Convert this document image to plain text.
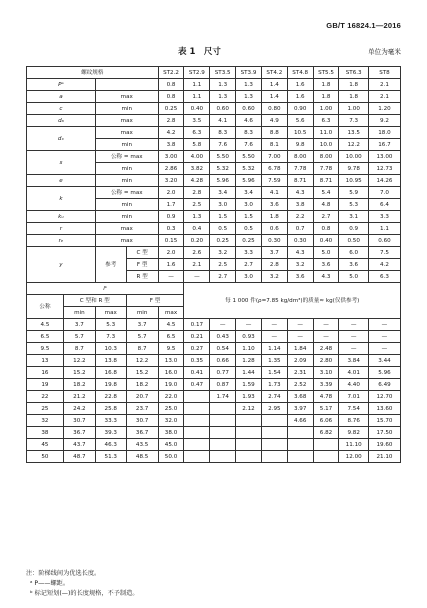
GB/T 16824.1—2016
表 1　尺寸	单位为毫米
螺纹规格				ST2.2	ST2.9	ST3.5	ST3.9	ST4.2	ST4.8	ST5.5	ST6.3	ST8
Pᵃ				0.8	1.1	1.3	1.3	1.4	1.6	1.8	1.8	2.1
a		max		0.8	1.1	1.3	1.3	1.4	1.6	1.8	1.8	2.1
c		min		0.25	0.40	0.60	0.60	0.80	0.90	1.00	1.00	1.20
dₐ		max		2.8	3.5	4.1	4.6	4.9	5.6	6.3	7.3	9.2
dₓ		max		4.2	6.3	8.3	8.3	8.8	10.5	11.0	13.5	18.0
		min		3.8	5.8	7.6	7.6	8.1	9.8	10.0	12.2	16.7
s		公称 = max		3.00	4.00	5.50	5.50	7.00	8.00	8.00	10.00	13.00
		min		2.86	3.82	5.32	5.32	6.78	7.78	7.78	9.78	12.73
e		min		3.20	4.28	5.96	5.96	7.59	8.71	8.71	10.95	14.26
k		公称 = max		2.0	2.8	3.4	3.4	4.1	4.3	5.4	5.9	7.0
		min		1.7	2.5	3.0	3.0	3.6	3.8	4.8	5.3	6.4
kᵤ		min		0.9	1.3	1.5	1.5	1.8	2.2	2.7	3.1	3.3
r		max		0.3	0.4	0.5	0.5	0.6	0.7	0.8	0.9	1.1
rₑ		max		0.15	0.20	0.25	0.25	0.30	0.30	0.40	0.50	0.60
y		参考	C 型	2.0	2.6	3.2	3.3	3.7	4.3	5.0	6.0	7.5
			F 型	1.6	2.1	2.5	2.7	2.8	3.2	3.6	3.6	4.2
			R 型	—	—	2.7	3.0	3.2	3.6	4.3	5.0	6.3
lᵇ					每 1 000 件(ρ=7.85 kg/dm³)的质量≈ kg(仅供参考)							
公称	C 型和 R 型		F 型									
	min	max	min	max								
4.5	3.7	5.3	3.7	4.5	0.17	—	—	—	—	—	—	—
6.5	5.7	7.3	5.7	6.5	0.21	0.43	0.93	—	—	—	—	—
9.5	8.7	10.3	8.7	9.5	0.27	0.54	1.10	1.14	1.84	2.48	—	—
13	12.2	13.8	12.2	13.0	0.35	0.66	1.28	1.35	2.09	2.80	3.84	3.44
16	15.2	16.8	15.2	16.0	0.41	0.77	1.44	1.54	2.31	3.10	4.01	5.96
19	18.2	19.8	18.2	19.0	0.47	0.87	1.59	1.73	2.52	3.39	4.40	6.49
22	21.2	22.8	20.7	22.0		1.74	1.93	2.74	3.68	4.78	7.01	12.70
25	24.2	25.8	23.7	25.0			2.12	2.95	3.97	5.17	7.54	13.60
32	30.7	33.3	30.7	32.0					4.66	6.06	8.76	15.70
38	36.7	39.3	36.7	38.0						6.82	9.82	17.50
45	43.7	46.3	43.5	45.0							11.10	19.60
50	48.7	51.3	48.5	50.0							12.00	21.10
注：阶梯线间为优选长度。
ᵃ P——螺距。
ᵇ 标记短划(—)的长度规格，不予制造。
